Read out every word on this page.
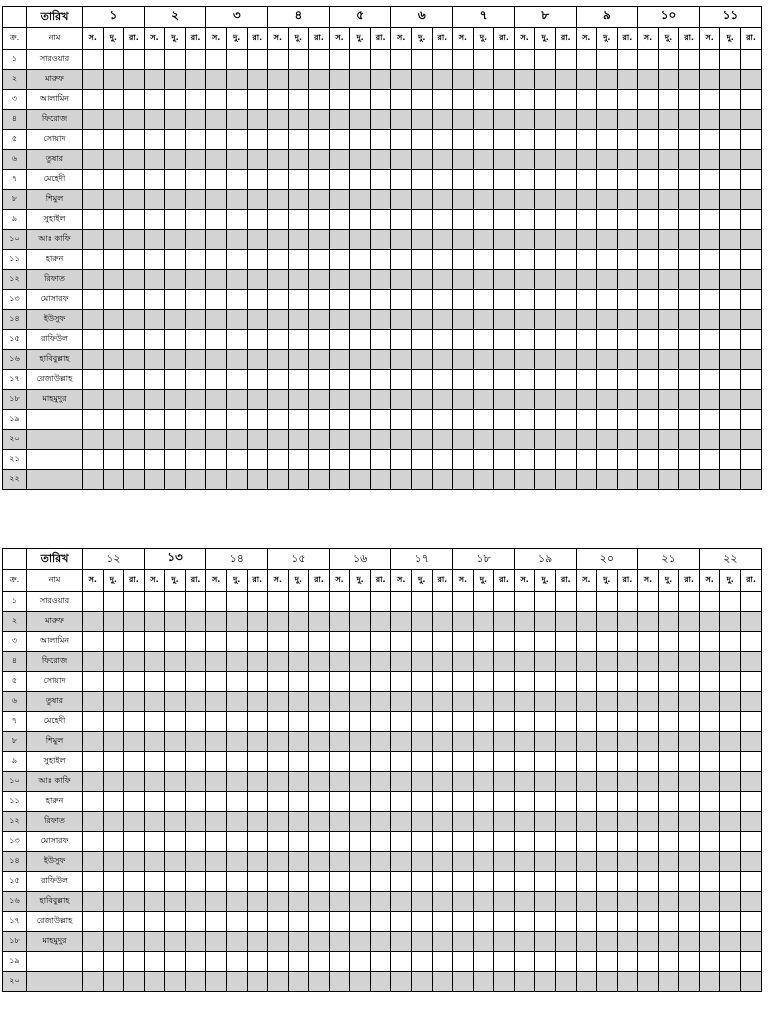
	তারিখ	১			২			৩			৪			৫			৬			৭			৮			৯			১০			১১		
ক্র.	নাম	স.	দু.	রা.	স.	দু.	রা.	স.	দু.	রা.	স.	দু.	রা.	স.	দু.	রা.	স.	দু.	রা.	স.	দু.	রা.	স.	দু.	রা.	স.	দু.	রা.	স.	দু.	রা.	স.	দু.	রা.
১	সারওয়ার																																	
২	মারুফ																																	
৩	আলামিন																																	
৪	ফিরোজ																																	
৫	সোয়াদ																																	
৬	তুষার																																	
৭	মেহেদী																																	
৮	শিমুল																																	
৯	সুহাইল																																	
১০	আঃ কাফি																																	
১১	হারুন																																	
১২	রিফাত																																	
১৩	মোসারফ																																	
১৪	ইউসুফ																																	
১৫	রাফিউল																																	
১৬	হাবিবুল্লাহ																																	
১৭	রেজাউল্লাহ																																	
১৮	মাহমুদুর																																	
১৯																																		
২০																																		
২১																																		
২২																																		
	তারিখ	১২			১৩			১৪			১৫			১৬			১৭			১৮			১৯			২০			২১			২২		
ক্র.	নাম	স.	দু.	রা.	স.	দু.	রা.	স.	দু.	রা.	স.	দু.	রা.	স.	দু.	রা.	স.	দু.	রা.	স.	দু.	রা.	স.	দু.	রা.	স.	দু.	রা.	স.	দু.	রা.	স.	দু.	রা.
১	সারওয়ার																																	
২	মারুফ																																	
৩	আলামিন																																	
৪	ফিরোজ																																	
৫	সোয়াদ																																	
৬	তুষার																																	
৭	মেহেদী																																	
৮	শিমুল																																	
৯	সুহাইল																																	
১০	আঃ কাফি																																	
১১	হারুন																																	
১২	রিফাত																																	
১৩	মোসারফ																																	
১৪	ইউসুফ																																	
১৫	রাফিউল																																	
১৬	হাবিবুল্লাহ																																	
১৭	রেজাউল্লাহ																																	
১৮	মাহমুদুর																																	
১৯																																		
২০																																		
